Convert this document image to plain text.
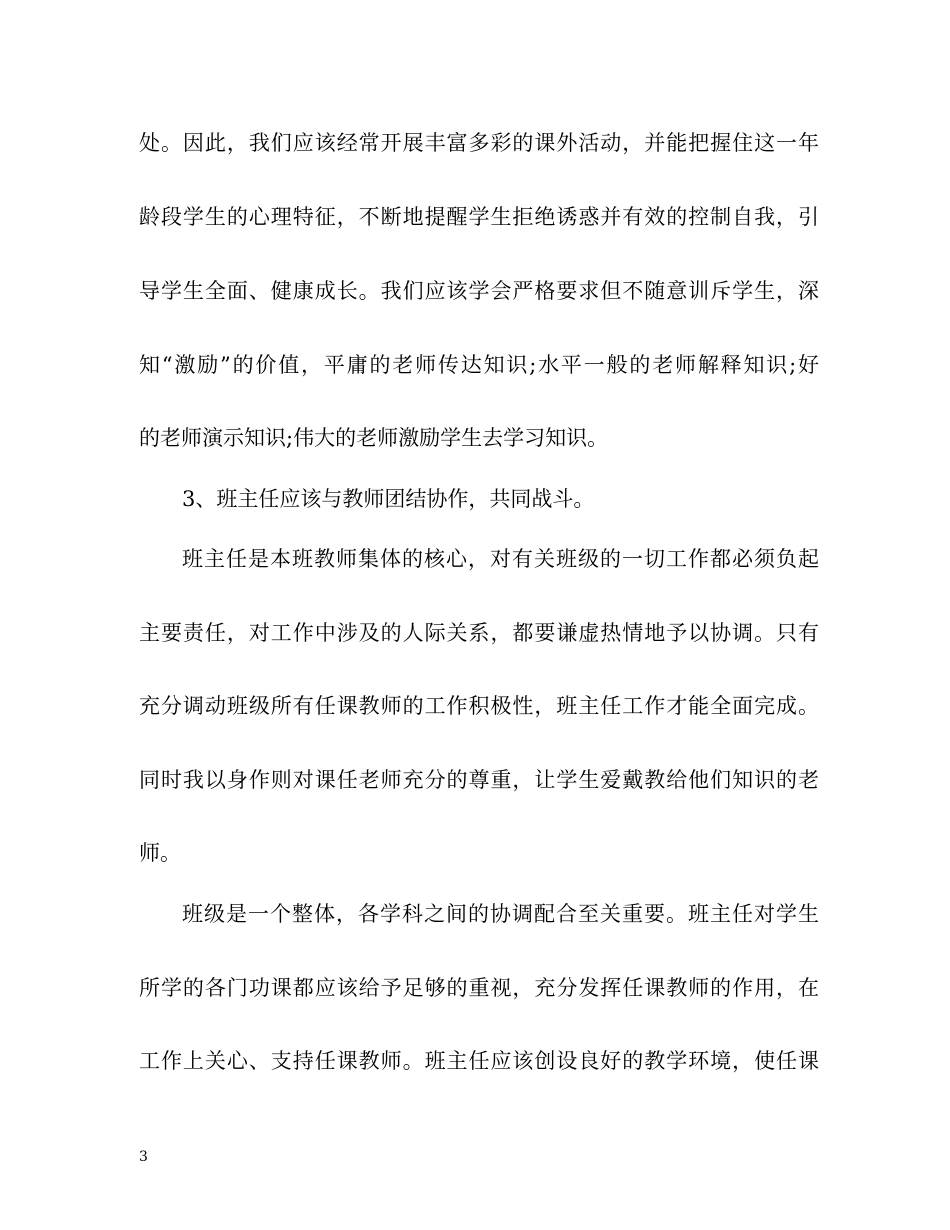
处。因此，我们应该经常开展丰富多彩的课外活动，并能把握住这一年
龄段学生的心理特征，不断地提醒学生拒绝诱惑并有效的控制自我，引
导学生全面、健康成长。我们应该学会严格要求但不随意训斥学生，深
知“激励”的价值，平庸的老师传达知识;水平一般的老师解释知识;好
的老师演示知识;伟大的老师激励学生去学习知识。
3、班主任应该与教师团结协作，共同战斗。
班主任是本班教师集体的核心，对有关班级的一切工作都必须负起
主要责任，对工作中涉及的人际关系，都要谦虚热情地予以协调。只有
充分调动班级所有任课教师的工作积极性，班主任工作才能全面完成。
同时我以身作则对课任老师充分的尊重，让学生爱戴教给他们知识的老
师。
班级是一个整体，各学科之间的协调配合至关重要。班主任对学生
所学的各门功课都应该给予足够的重视，充分发挥任课教师的作用，在
工作上关心、支持任课教师。班主任应该创设良好的教学环境，使任课
3
